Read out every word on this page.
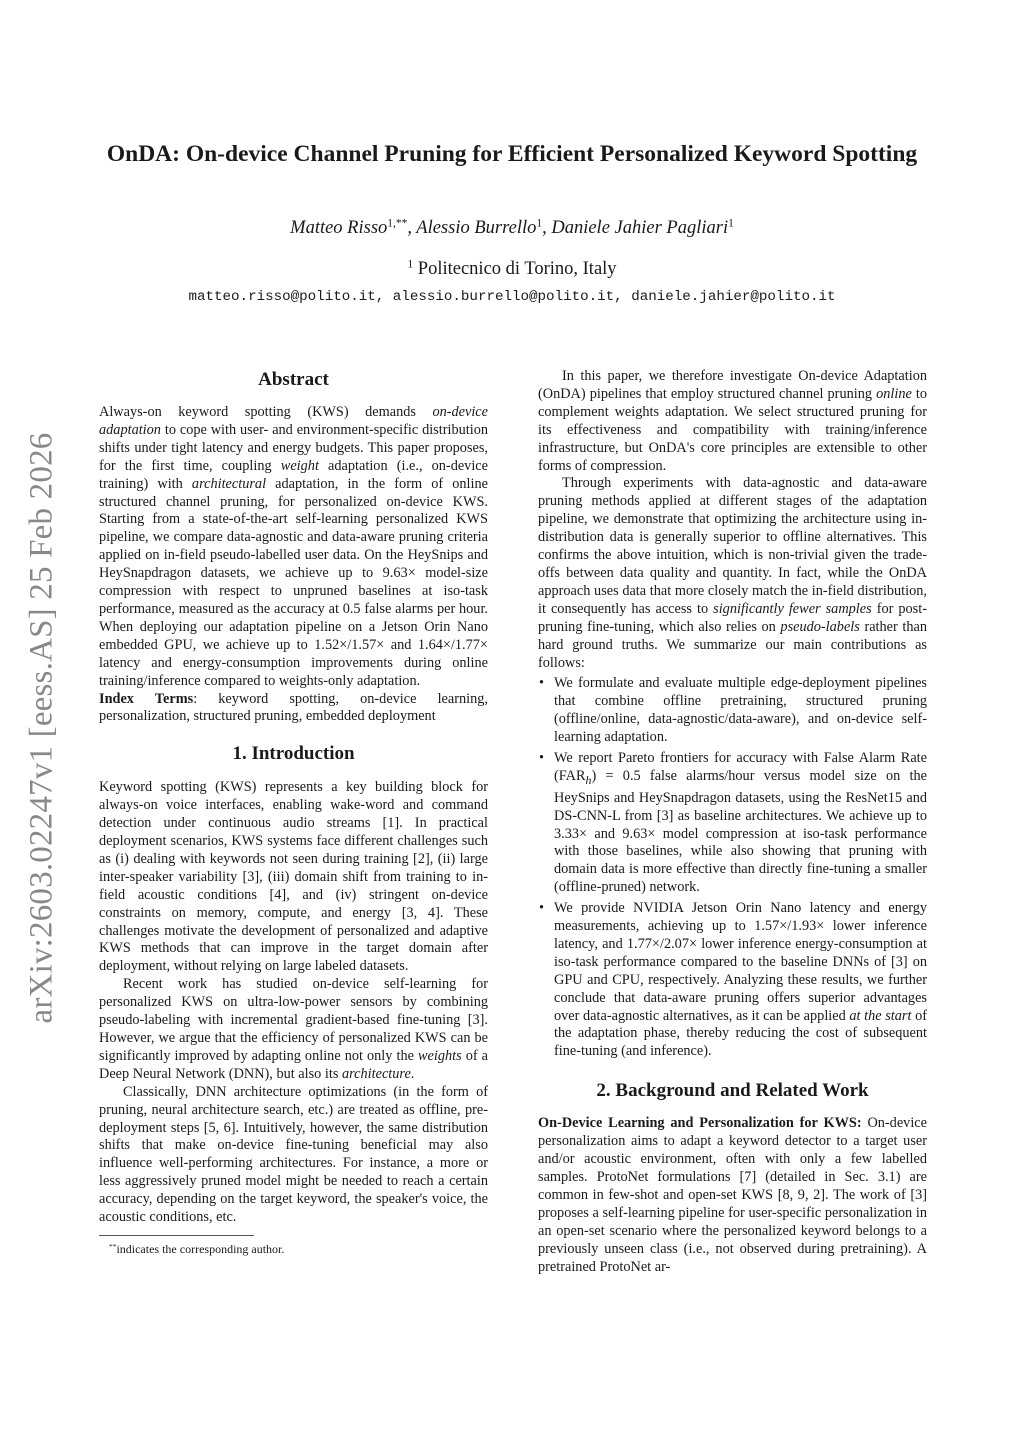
OnDA: On-device Channel Pruning for Efficient Personalized Keyword Spotting
Matteo Risso$^{1,**}$, Alessio Burrello$^1$, Daniele Jahier Pagliari$^1$
$^1$ Politecnico di Torino, Italy
matteo.risso@polito.it, alessio.burrello@polito.it, daniele.jahier@polito.it
arXiv:2603.02247v1 [eess.AS] 25 Feb 2026
Abstract

Always-on keyword spotting (KWS) demands on-device adaptation to cope with user- and environment-specific distribution shifts under tight latency and energy budgets. This paper proposes, for the first time, coupling weight adaptation (i.e., on-device training) with architectural adaptation, in the form of online structured channel pruning, for personalized on-device KWS. Starting from a state-of-the-art self-learning personalized KWS pipeline, we compare data-agnostic and data-aware pruning criteria applied on in-field pseudo-labelled user data. On the HeySnips and HeySnapdragon datasets, we achieve up to 9.63× model-size compression with respect to unpruned baselines at iso-task performance, measured as the accuracy at 0.5 false alarms per hour. When deploying our adaptation pipeline on a Jetson Orin Nano embedded GPU, we achieve up to 1.52×/1.57× and 1.64×/1.77× latency and energy-consumption improvements during online training/inference compared to weights-only adaptation.

Index Terms: keyword spotting, on-device learning, personalization, structured pruning, embedded deployment

1. Introduction

Keyword spotting (KWS) represents a key building block for always-on voice interfaces, enabling wake-word and command detection under continuous audio streams [1]. In practical deployment scenarios, KWS systems face different challenges such as (i) dealing with keywords not seen during training [2], (ii) large inter-speaker variability [3], (iii) domain shift from training to in-field acoustic conditions [4], and (iv) stringent on-device constraints on memory, compute, and energy [3, 4]. These challenges motivate the development of personalized and adaptive KWS methods that can improve in the target domain after deployment, without relying on large labeled datasets.

Recent work has studied on-device self-learning for personalized KWS on ultra-low-power sensors by combining pseudo-labeling with incremental gradient-based fine-tuning [3]. However, we argue that the efficiency of personalized KWS can be significantly improved by adapting online not only the weights of a Deep Neural Network (DNN), but also its architecture.

Classically, DNN architecture optimizations (in the form of pruning, neural architecture search, etc.) are treated as offline, pre-deployment steps [5, 6]. Intuitively, however, the same distribution shifts that make on-device fine-tuning beneficial may also influence well-performing architectures. For instance, a more or less aggressively pruned model might be needed to reach a certain accuracy, depending on the target keyword, the speaker's voice, the acoustic conditions, etc.

**indicates the corresponding author.

In this paper, we therefore investigate On-device Adaptation (OnDA) pipelines that employ structured channel pruning online to complement weights adaptation. We select structured pruning for its effectiveness and compatibility with training/inference infrastructure, but OnDA's core principles are extensible to other forms of compression.

Through experiments with data-agnostic and data-aware pruning methods applied at different stages of the adaptation pipeline, we demonstrate that optimizing the architecture using in-distribution data is generally superior to offline alternatives. This confirms the above intuition, which is non-trivial given the trade-offs between data quality and quantity. In fact, while the OnDA approach uses data that more closely match the in-field distribution, it consequently has access to significantly fewer samples for post-pruning fine-tuning, which also relies on pseudo-labels rather than hard ground truths. We summarize our main contributions as follows:

• We formulate and evaluate multiple edge-deployment pipelines that combine offline pretraining, structured pruning (offline/online, data-agnostic/data-aware), and on-device self-learning adaptation.
• We report Pareto frontiers for accuracy with False Alarm Rate $(FAR_h) = 0.5$ false alarms/hour versus model size on the HeySnips and HeySnapdragon datasets, using the ResNet15 and DS-CNN-L from [3] as baseline architectures. We achieve up to 3.33× and 9.63× model compression at iso-task performance with those baselines, while also showing that pruning with domain data is more effective than directly fine-tuning a smaller (offline-pruned) network.
• We provide NVIDIA Jetson Orin Nano latency and energy measurements, achieving up to 1.57×/1.93× lower inference latency, and 1.77×/2.07× lower inference energy-consumption at iso-task performance compared to the baseline DNNs of [3] on GPU and CPU, respectively. Analyzing these results, we further conclude that data-aware pruning offers superior advantages over data-agnostic alternatives, as it can be applied at the start of the adaptation phase, thereby reducing the cost of subsequent fine-tuning (and inference).
2. Background and Related Work

On-Device Learning and Personalization for KWS: On-device personalization aims to adapt a keyword detector to a target user and/or acoustic environment, often with only a few labelled samples. ProtoNet formulations [7] (detailed in Sec. 3.1) are common in few-shot and open-set KWS [8, 9, 2]. The work of [3] proposes a self-learning pipeline for user-specific personalization in an open-set scenario where the personalized keyword belongs to a previously unseen class (i.e., not observed during pretraining). A pretrained ProtoNet ar-
